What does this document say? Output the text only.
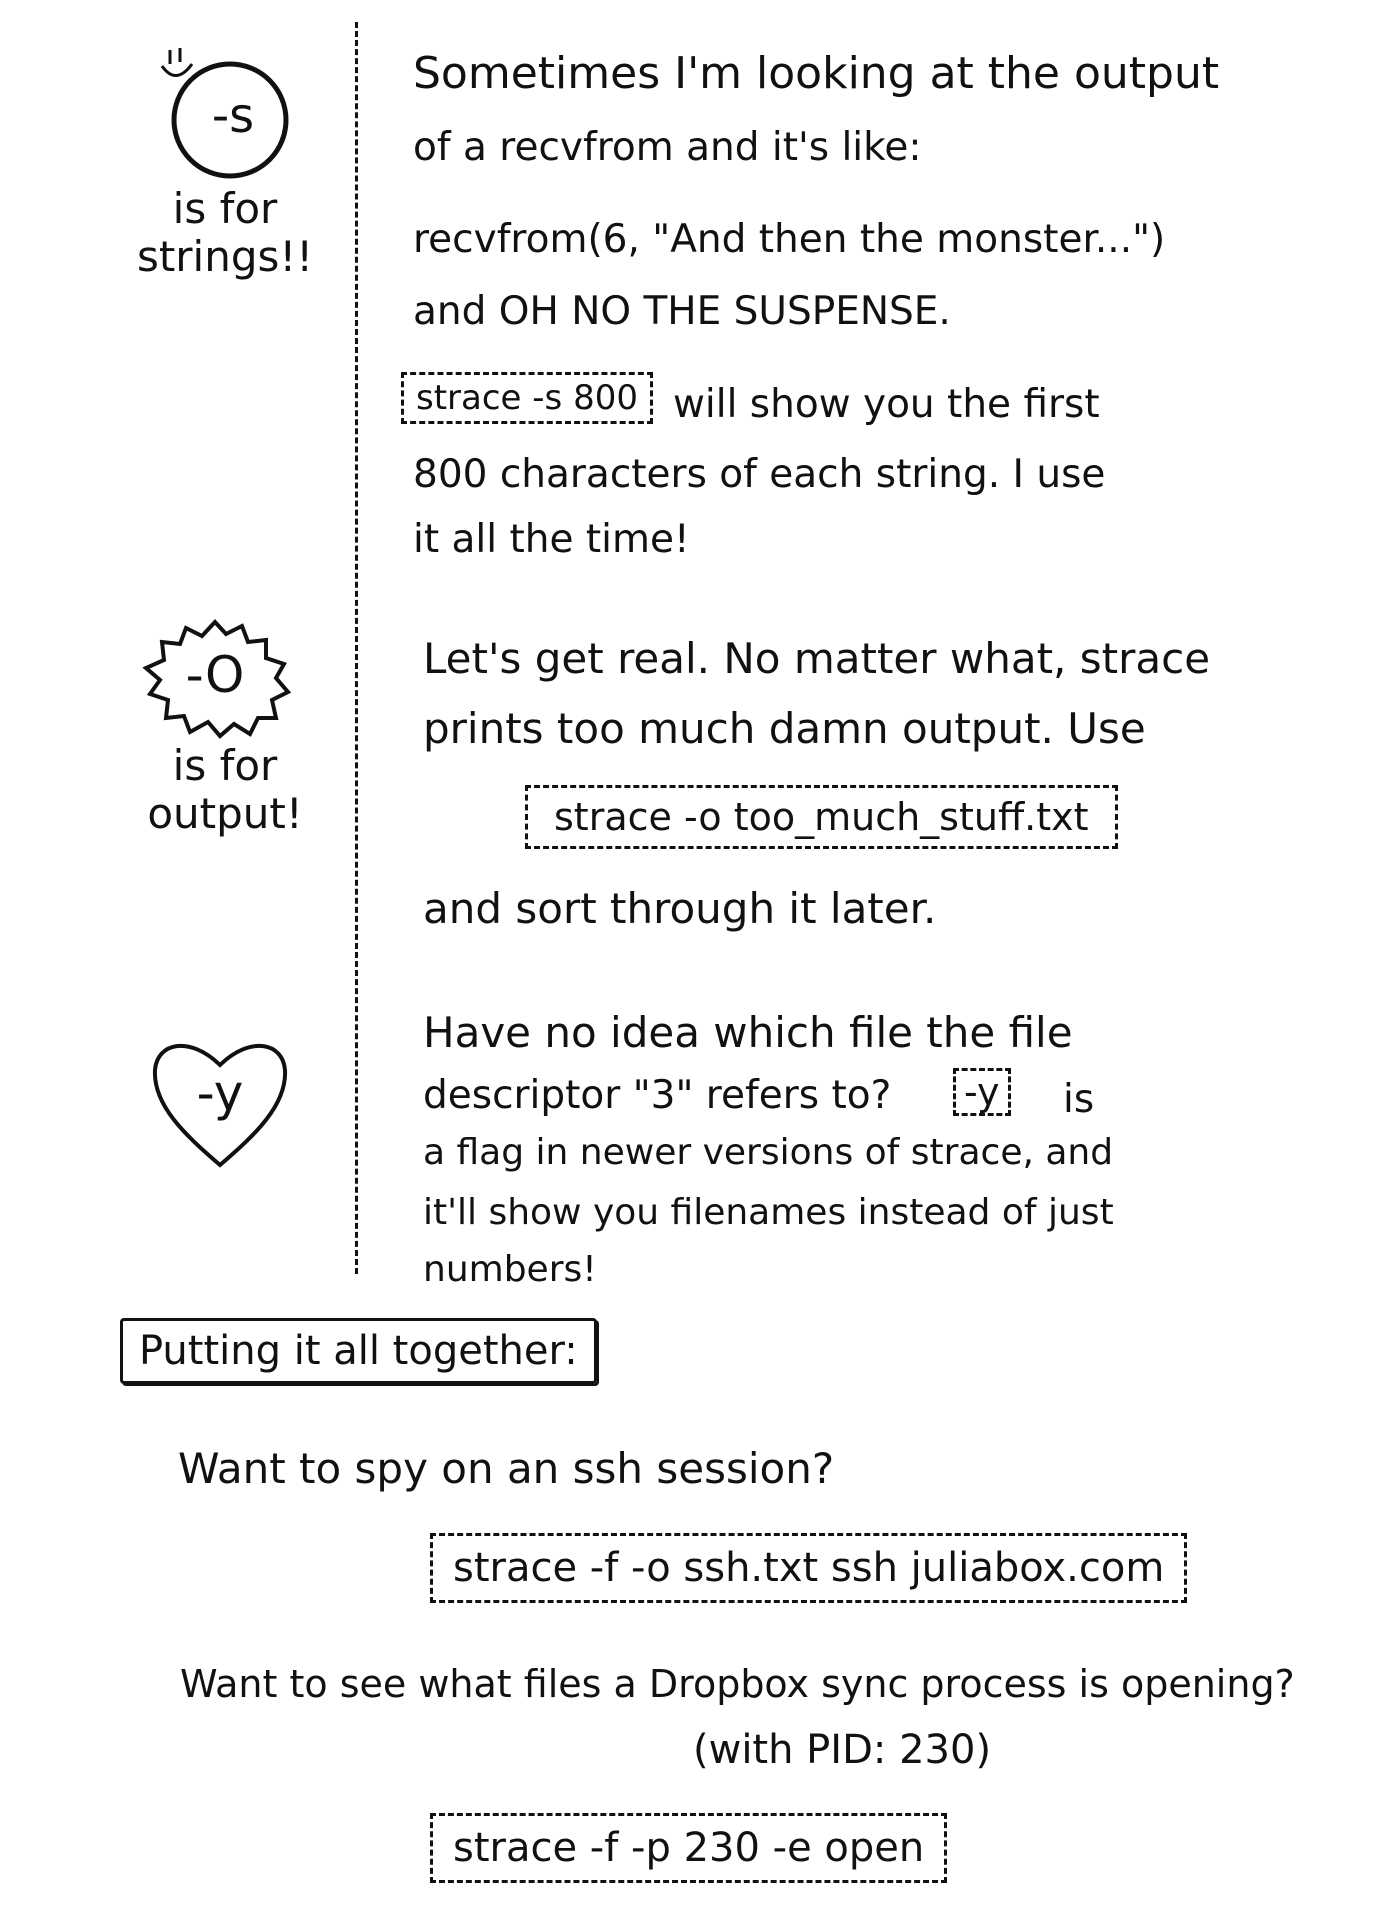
-s
is for
strings!!
Sometimes I'm looking at the output
of a recvfrom and it's like:
recvfrom(6, "And then the monster...")
and OH NO THE SUSPENSE.
strace -s 800 will show you the first
800 characters of each string. I use
it all the time!
-O
is for
output!
Let's get real. No matter what, strace
prints too much damn output. Use
strace -o too_much_stuff.txt
and sort through it later.
-y
Have no idea which file the file
descriptor "3" refers to? -y is
a flag in newer versions of strace, and
it'll show you filenames instead of just
numbers!
Putting it all together:
Want to spy on an ssh session?
strace -f -o ssh.txt ssh juliabox.com
Want to see what files a Dropbox sync process is opening?
(with PID: 230)
strace -f -p 230 -e open
